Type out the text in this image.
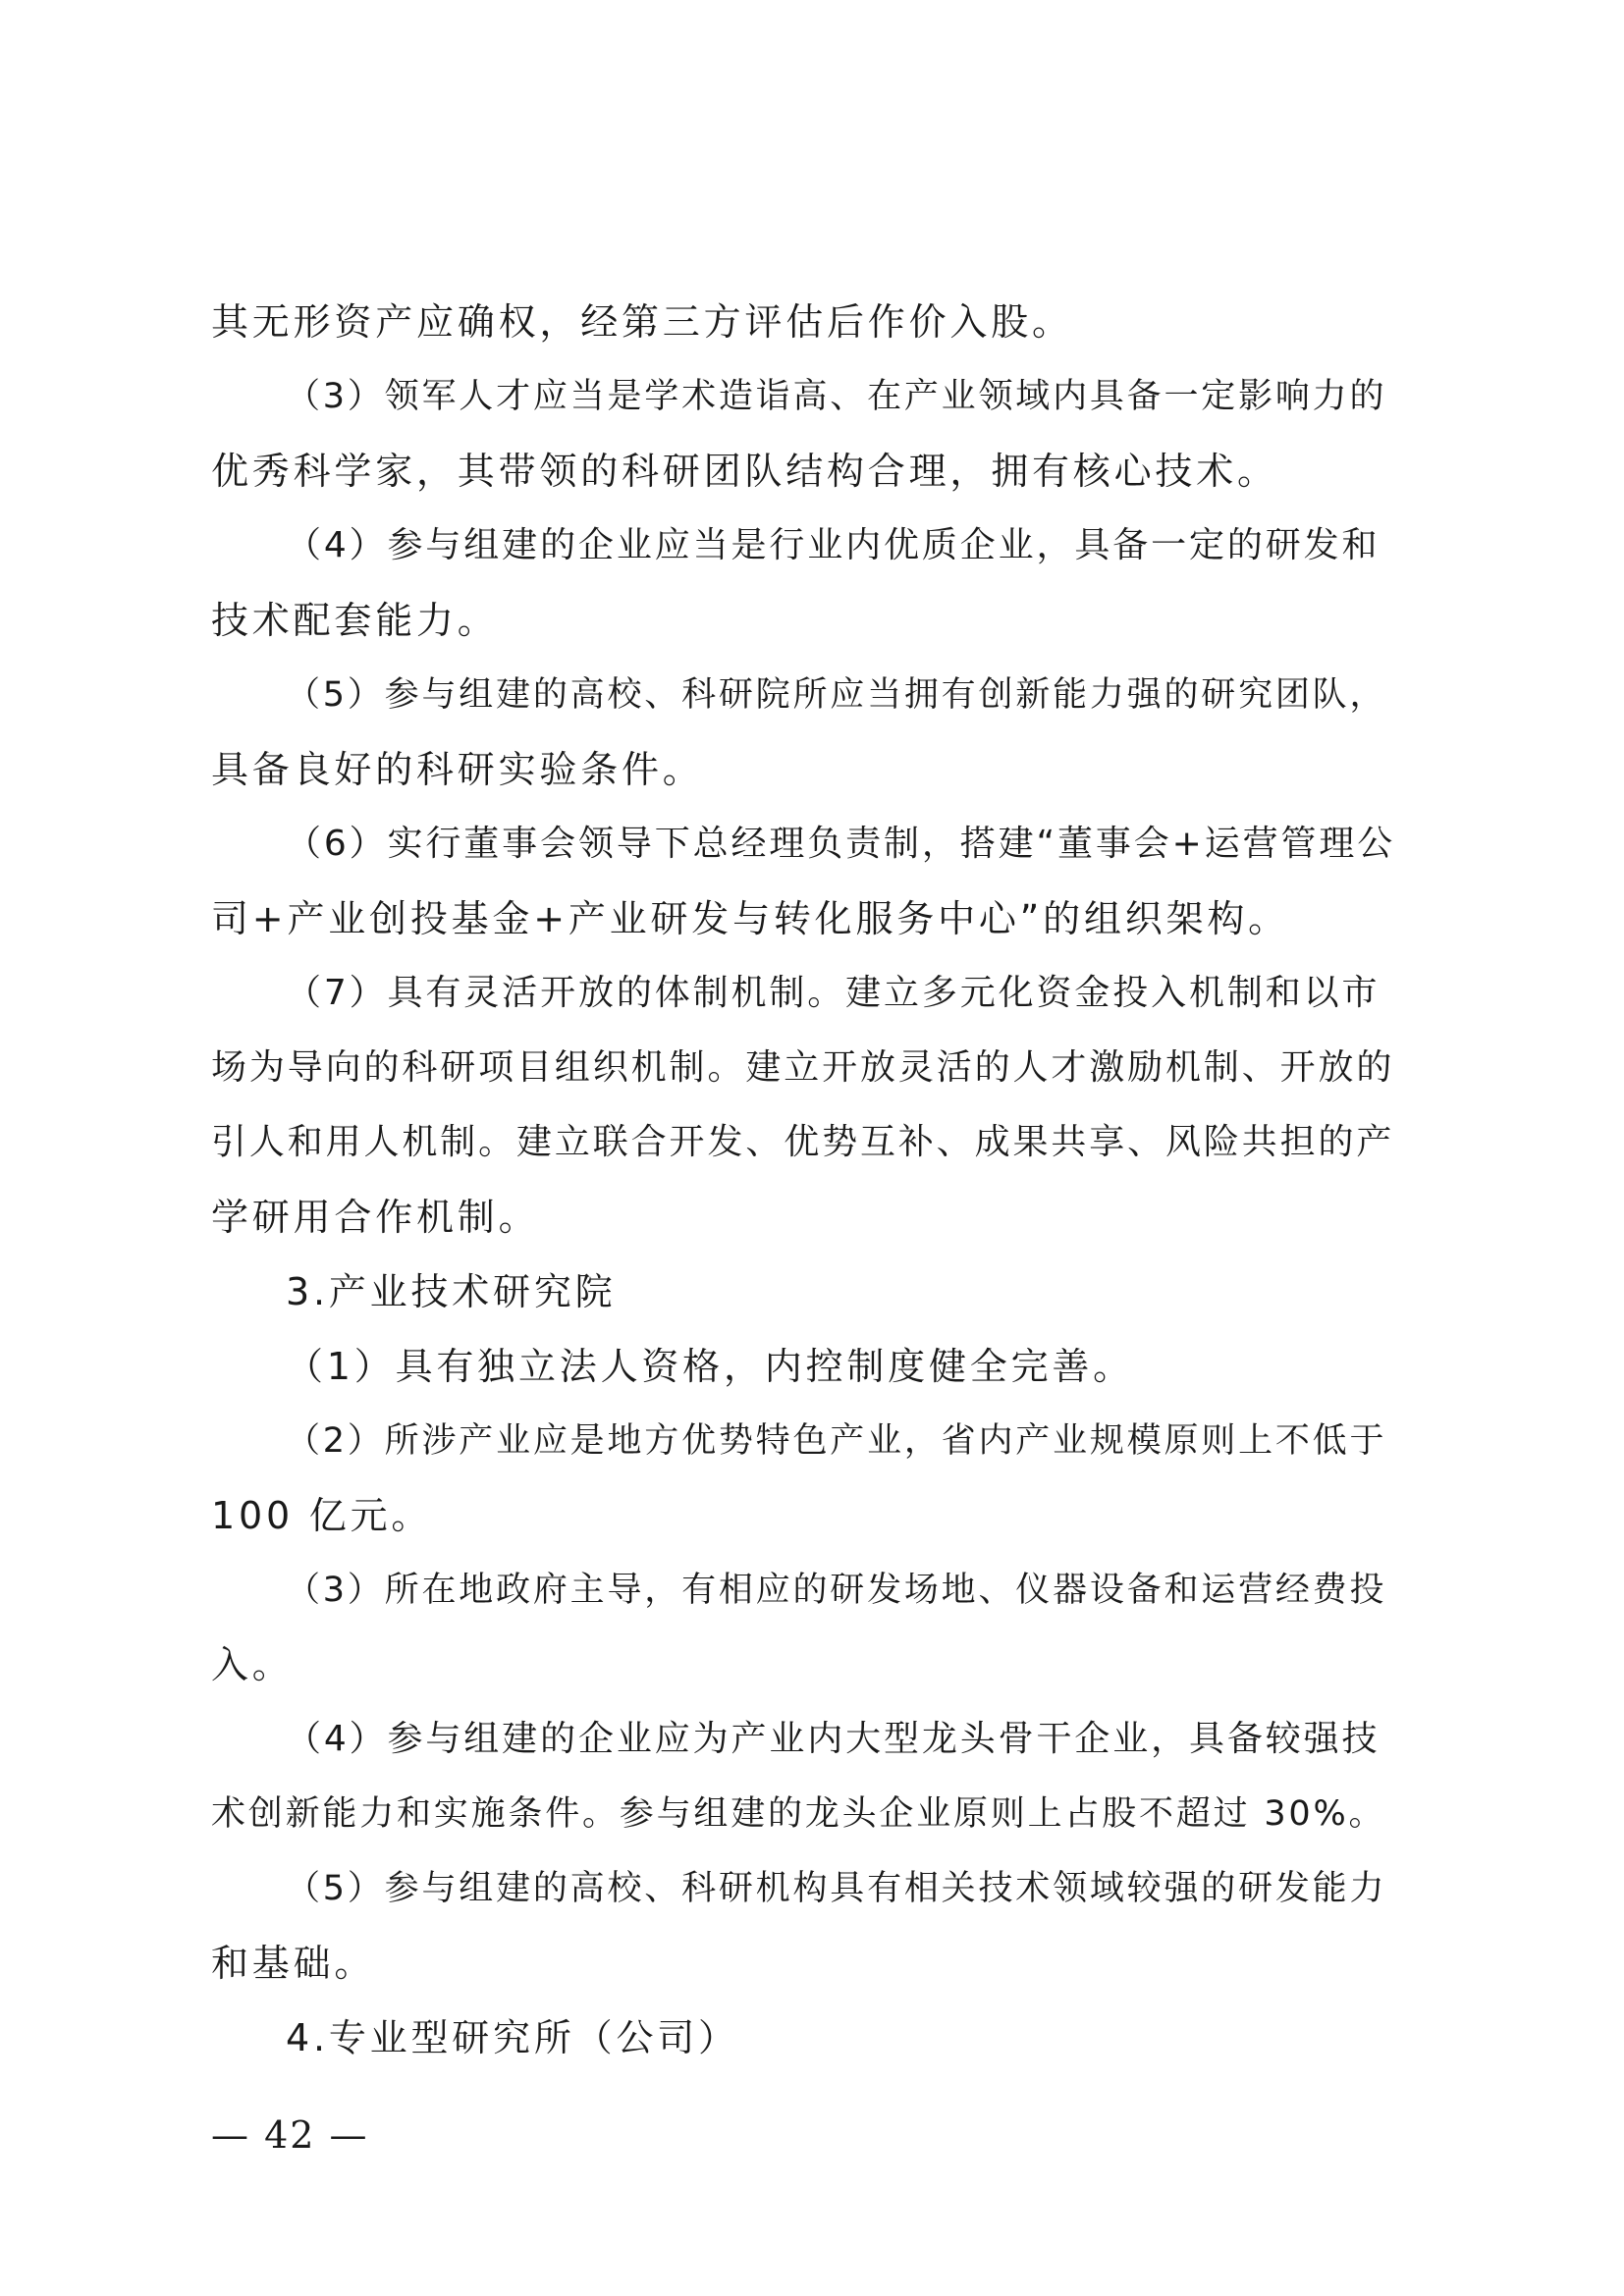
其无形资产应确权，经第三方评估后作价入股。
（3）领军人才应当是学术造诣高、在产业领域内具备一定影响力的
优秀科学家，其带领的科研团队结构合理，拥有核心技术。
（4）参与组建的企业应当是行业内优质企业，具备一定的研发和
技术配套能力。
（5）参与组建的高校、科研院所应当拥有创新能力强的研究团队，
具备良好的科研实验条件。
（6）实行董事会领导下总经理负责制，搭建“董事会+运营管理公
司+产业创投基金+产业研发与转化服务中心”的组织架构。
（7）具有灵活开放的体制机制。建立多元化资金投入机制和以市
场为导向的科研项目组织机制。建立开放灵活的人才激励机制、开放的
引人和用人机制。建立联合开发、优势互补、成果共享、风险共担的产
学研用合作机制。
3.产业技术研究院
（1）具有独立法人资格，内控制度健全完善。
（2）所涉产业应是地方优势特色产业，省内产业规模原则上不低于
100 亿元。
（3）所在地政府主导，有相应的研发场地、仪器设备和运营经费投
入。
（4）参与组建的企业应为产业内大型龙头骨干企业，具备较强技
术创新能力和实施条件。参与组建的龙头企业原则上占股不超过 30%。
（5）参与组建的高校、科研机构具有相关技术领域较强的研发能力
和基础。
4.专业型研究所（公司）
— 42 —
